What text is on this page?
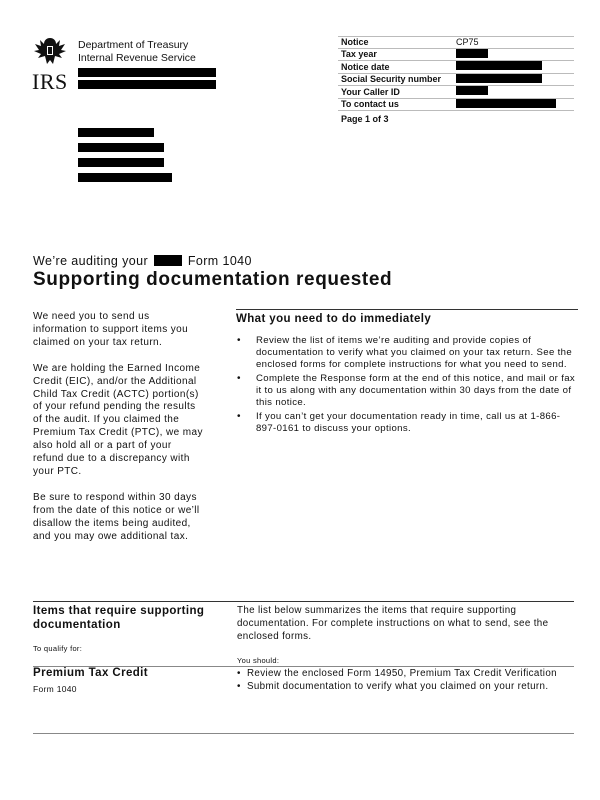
IRS
Department of Treasury
Internal Revenue Service
Notice	CP75
Tax year
Notice date
Social Security number
Your Caller ID
To contact us
Page 1 of 3
We’re auditing your	Form 1040
Supporting documentation requested

We need you to send us information to support items you claimed on your tax return.

We are holding the Earned Income Credit (EIC), and/or the Additional Child Tax Credit (ACTC) portion(s) of your refund pending the results of the audit. If you claimed the Premium Tax Credit (PTC), we may also hold all or a part of your refund due to a discrepancy with your PTC.

Be sure to respond within 30 days from the date of this notice or we’ll disallow the items being audited, and you may owe additional tax.

What you need to do immediately
• Review the list of items we’re auditing and provide copies of documentation to verify what you claimed on your tax return. See the enclosed forms for complete instructions for what you need to send.
• Complete the Response form at the end of this notice, and mail or fax it to us along with any documentation within 30 days from the date of this notice.
• If you can’t get your documentation ready in time, call us at 1-866-897-0161 to discuss your options.
Items that require supporting documentation
To qualify for:
The list below summarizes the items that require supporting documentation. For complete instructions on what to send, see the enclosed forms.
You should:
Premium Tax Credit
Form 1040
• Review the enclosed Form 14950, Premium Tax Credit Verification
• Submit documentation to verify what you claimed on your return.
